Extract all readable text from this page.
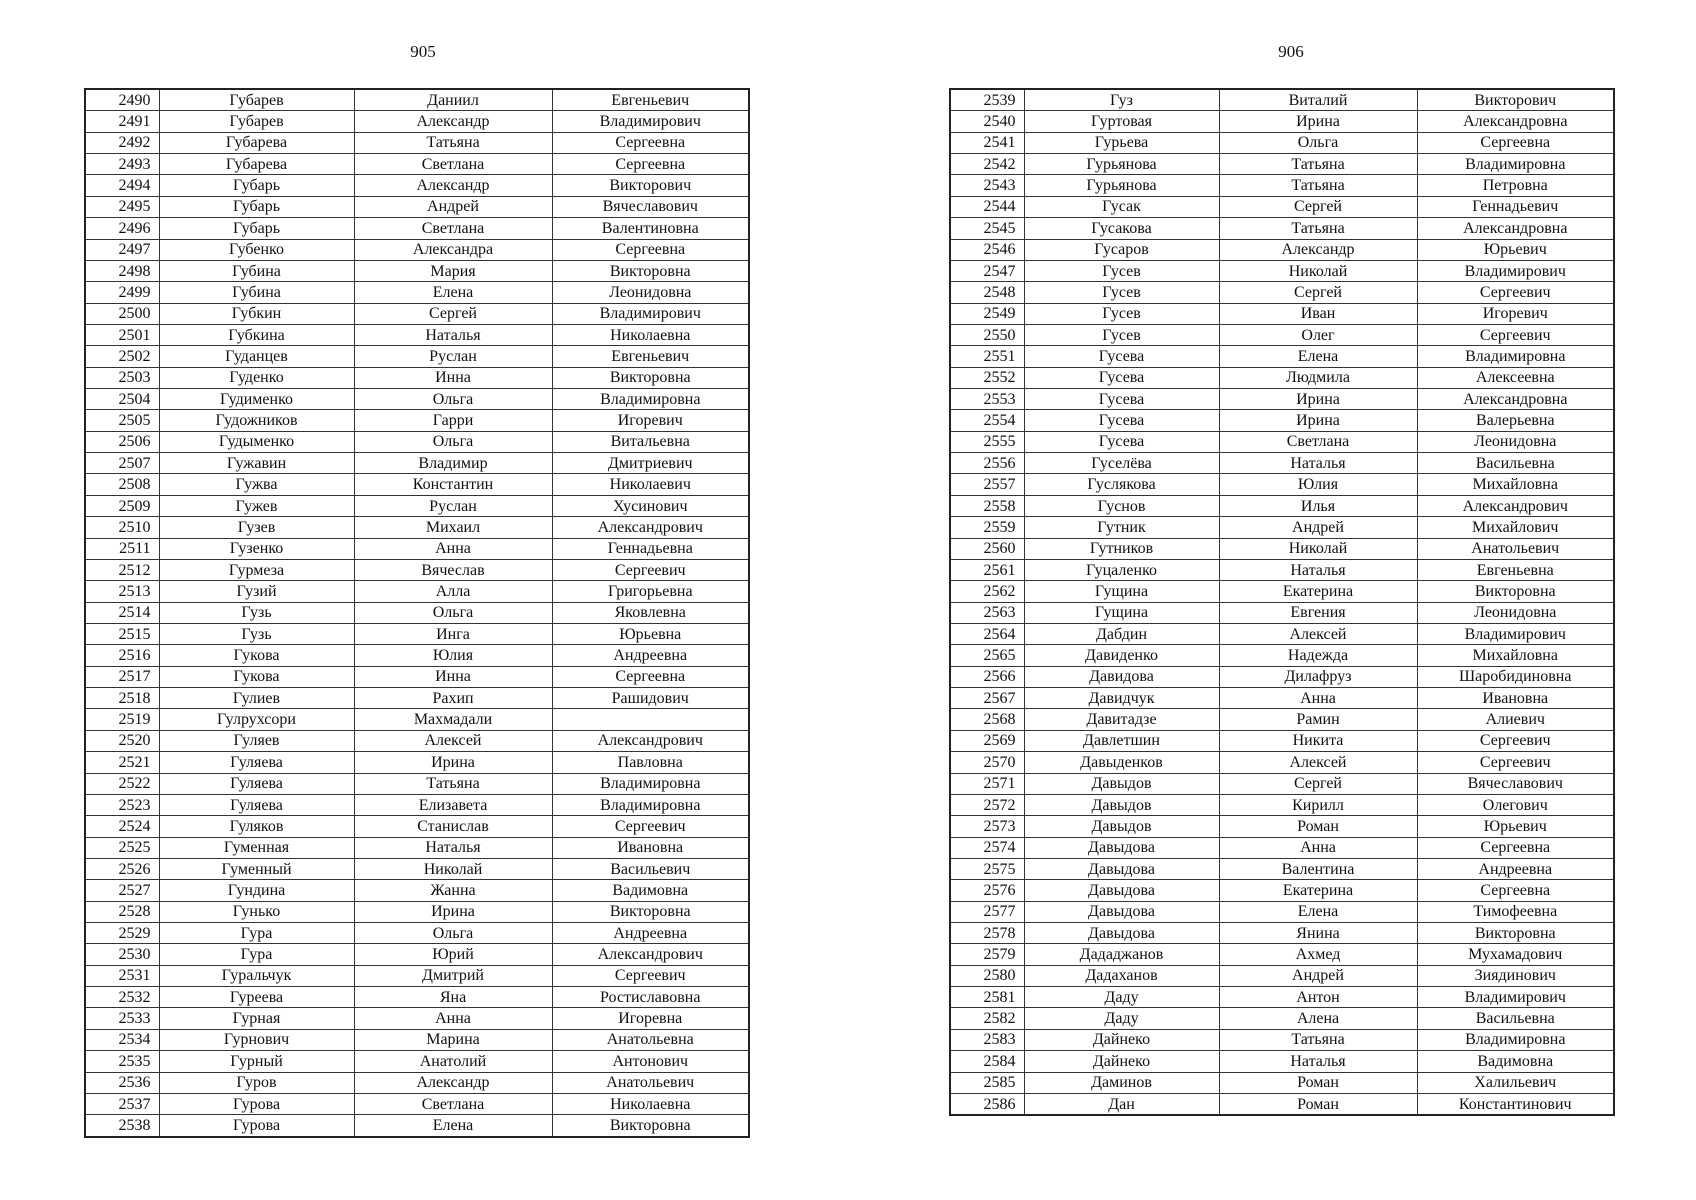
905	906
2490	Губарев	Даниил	Евгеньевич
2491	Губарев	Александр	Владимирович
2492	Губарева	Татьяна	Сергеевна
2493	Губарева	Светлана	Сергеевна
2494	Губарь	Александр	Викторович
2495	Губарь	Андрей	Вячеславович
2496	Губарь	Светлана	Валентиновна
2497	Губенко	Александра	Сергеевна
2498	Губина	Мария	Викторовна
2499	Губина	Елена	Леонидовна
2500	Губкин	Сергей	Владимирович
2501	Губкина	Наталья	Николаевна
2502	Гуданцев	Руслан	Евгеньевич
2503	Гуденко	Инна	Викторовна
2504	Гудименко	Ольга	Владимировна
2505	Гудожников	Гарри	Игоревич
2506	Гудыменко	Ольга	Витальевна
2507	Гужавин	Владимир	Дмитриевич
2508	Гужва	Константин	Николаевич
2509	Гужев	Руслан	Хусинович
2510	Гузев	Михаил	Александрович
2511	Гузенко	Анна	Геннадьевна
2512	Гурмеза	Вячеслав	Сергеевич
2513	Гузий	Алла	Григорьевна
2514	Гузь	Ольга	Яковлевна
2515	Гузь	Инга	Юрьевна
2516	Гукова	Юлия	Андреевна
2517	Гукова	Инна	Сергеевна
2518	Гулиев	Рахип	Рашидович
2519	Гулрухсори	Махмадали	
2520	Гуляев	Алексей	Александрович
2521	Гуляева	Ирина	Павловна
2522	Гуляева	Татьяна	Владимировна
2523	Гуляева	Елизавета	Владимировна
2524	Гуляков	Станислав	Сергеевич
2525	Гуменная	Наталья	Ивановна
2526	Гуменный	Николай	Васильевич
2527	Гундина	Жанна	Вадимовна
2528	Гунько	Ирина	Викторовна
2529	Гура	Ольга	Андреевна
2530	Гура	Юрий	Александрович
2531	Гуральчук	Дмитрий	Сергеевич
2532	Гуреева	Яна	Ростиславовна
2533	Гурная	Анна	Игоревна
2534	Гурнович	Марина	Анатольевна
2535	Гурный	Анатолий	Антонович
2536	Гуров	Александр	Анатольевич
2537	Гурова	Светлана	Николаевна
2538	Гурова	Елена	Викторовна
2539	Гуз	Виталий	Викторович
2540	Гуртовая	Ирина	Александровна
2541	Гурьева	Ольга	Сергеевна
2542	Гурьянова	Татьяна	Владимировна
2543	Гурьянова	Татьяна	Петровна
2544	Гусак	Сергей	Геннадьевич
2545	Гусакова	Татьяна	Александровна
2546	Гусаров	Александр	Юрьевич
2547	Гусев	Николай	Владимирович
2548	Гусев	Сергей	Сергеевич
2549	Гусев	Иван	Игоревич
2550	Гусев	Олег	Сергеевич
2551	Гусева	Елена	Владимировна
2552	Гусева	Людмила	Алексеевна
2553	Гусева	Ирина	Александровна
2554	Гусева	Ирина	Валерьевна
2555	Гусева	Светлана	Леонидовна
2556	Гуселёва	Наталья	Васильевна
2557	Гуслякова	Юлия	Михайловна
2558	Гуснов	Илья	Александрович
2559	Гутник	Андрей	Михайлович
2560	Гутников	Николай	Анатольевич
2561	Гуцаленко	Наталья	Евгеньевна
2562	Гущина	Екатерина	Викторовна
2563	Гущина	Евгения	Леонидовна
2564	Дабдин	Алексей	Владимирович
2565	Давиденко	Надежда	Михайловна
2566	Давидова	Дилафруз	Шаробидиновна
2567	Давидчук	Анна	Ивановна
2568	Давитадзе	Рамин	Алиевич
2569	Давлетшин	Никита	Сергеевич
2570	Давыденков	Алексей	Сергеевич
2571	Давыдов	Сергей	Вячеславович
2572	Давыдов	Кирилл	Олегович
2573	Давыдов	Роман	Юрьевич
2574	Давыдова	Анна	Сергеевна
2575	Давыдова	Валентина	Андреевна
2576	Давыдова	Екатерина	Сергеевна
2577	Давыдова	Елена	Тимофеевна
2578	Давыдова	Янина	Викторовна
2579	Дададжанов	Ахмед	Мухамадович
2580	Дадаханов	Андрей	Зиядинович
2581	Даду	Антон	Владимирович
2582	Даду	Алена	Васильевна
2583	Дайнеко	Татьяна	Владимировна
2584	Дайнеко	Наталья	Вадимовна
2585	Даминов	Роман	Халильевич
2586	Дан	Роман	Константинович
